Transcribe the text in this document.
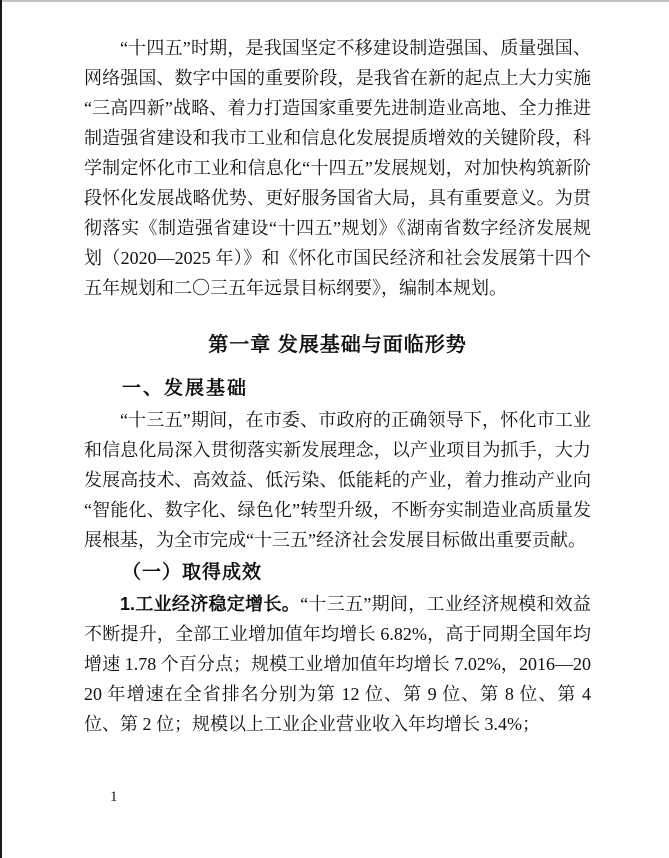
“十四五”时期，是我国坚定不移建设制造强国、质量强国、网络强国、数字中国的重要阶段，是我省在新的起点上大力实施“三高四新”战略、着力打造国家重要先进制造业高地、全力推进制造强省建设和我市工业和信息化发展提质增效的关键阶段，科学制定怀化市工业和信息化“十四五”发展规划，对加快构筑新阶段怀化发展战略优势、更好服务国省大局，具有重要意义。为贯彻落实《制造强省建设“十四五”规划》《湖南省数字经济发展规划（2020—2025 年）》和《怀化市国民经济和社会发展第十四个五年规划和二〇三五年远景目标纲要》，编制本规划。

第一章 发展基础与面临形势
一、发展基础

“十三五”期间，在市委、市政府的正确领导下，怀化市工业和信息化局深入贯彻落实新发展理念，以产业项目为抓手，大力发展高技术、高效益、低污染、低能耗的产业，着力推动产业向“智能化、数字化、绿色化”转型升级，不断夯实制造业高质量发展根基，为全市完成“十三五”经济社会发展目标做出重要贡献。

（一）取得成效

1.工业经济稳定增长。“十三五”期间，工业经济规模和效益不断提升，全部工业增加值年均增长 6.82%，高于同期全国年均增速 1.78 个百分点；规模工业增加值年均增长 7.02%，2016—2020 年增速在全省排名分别为第 12 位、第 9 位、第 8 位、第 4 位、第 2 位；规模以上工业企业营业收入年均增长 3.4%；

1
